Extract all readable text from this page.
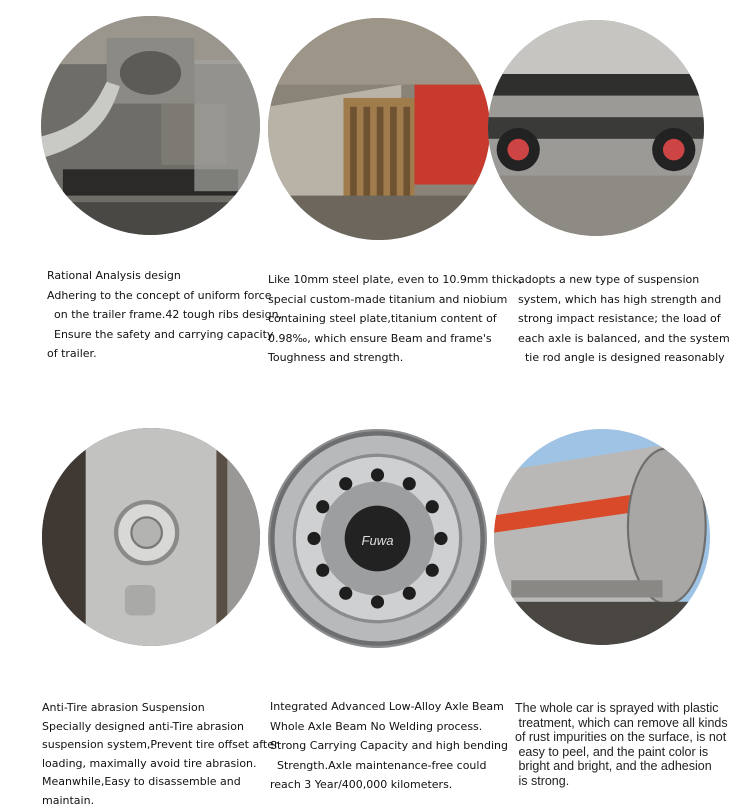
Rational Analysis design
Adhering to the concept of uniform force
on the trailer frame.42 tough ribs design,
Ensure the safety and carrying capacity
of trailer.
Like 10mm steel plate, even to 10.9mm thick,
special custom-made titanium and niobium
containing steel plate,titanium content of
0.98‰, which ensure Beam and frame's
Toughness and strength.
adopts a new type of suspension
system, which has high strength and
strong impact resistance; the load of
each axle is balanced, and the system
tie rod angle is designed reasonably
Fuwa
Anti-Tire abrasion Suspension
Specially designed anti-Tire abrasion
suspension system,Prevent tire offset after
loading, maximally avoid tire abrasion.
Meanwhile,Easy to disassemble and
maintain.
Integrated Advanced Low-Alloy Axle Beam
Whole Axle Beam No Welding process.
Strong Carrying Capacity and high bending
Strength.Axle maintenance-free could
reach 3 Year/400,000 kilometers.
The whole car is sprayed with plastic
treatment, which can remove all kinds
of rust impurities on the surface, is not
easy to peel, and the paint color is
bright and bright, and the adhesion
is strong.
